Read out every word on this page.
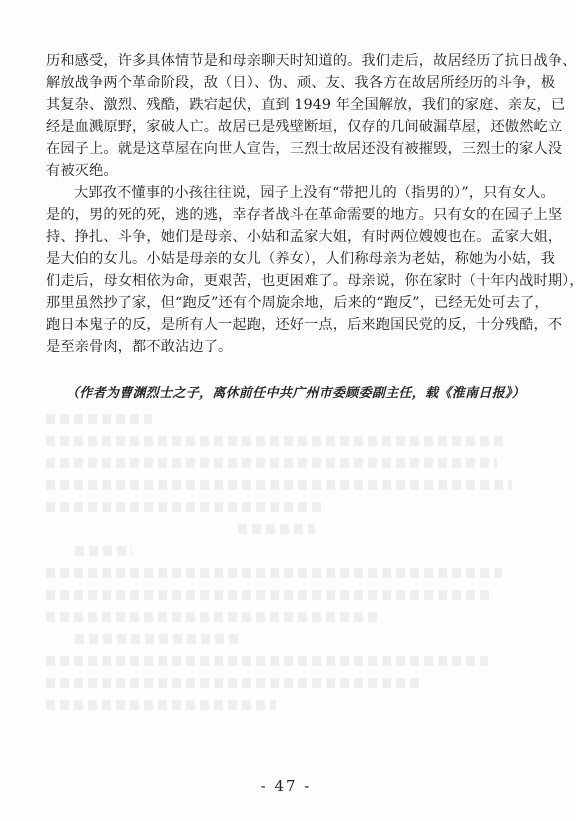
历和感受，许多具体情节是和母亲聊天时知道的。我们走后，故居经历了抗日战争、
解放战争两个革命阶段，敌（日）、伪、顽、友、我各方在故居所经历的斗争，极
其复杂、激烈、残酷，跌宕起伏，直到 1949 年全国解放，我们的家庭、亲友，已
经是血溅原野，家破人亡。故居已是残壁断垣，仅存的几间破漏草屋，还傲然屹立
在园子上。就是这草屋在向世人宣告，三烈士故居还没有被摧毁，三烈士的家人没
有被灭绝。
大郢孜不懂事的小孩往往说，园子上没有“带把儿的（指男的）”，只有女人。
是的，男的死的死，逃的逃，幸存者战斗在革命需要的地方。只有女的在园子上坚
持、挣扎、斗争，她们是母亲、小姑和孟家大姐，有时两位嫂嫂也在。孟家大姐，
是大伯的女儿。小姑是母亲的女儿（养女），人们称母亲为老姑，称她为小姑，我
们走后，母女相依为命，更艰苦，也更困难了。母亲说，你在家时（十年内战时期），
那里虽然抄了家，但“跑反”还有个周旋余地，后来的“跑反”，已经无处可去了，
跑日本鬼子的反，是所有人一起跑，还好一点，后来跑国民党的反，十分残酷，不
是至亲骨肉，都不敢沾边了。
（作者为曹渊烈士之子，离休前任中共广州市委顾委副主任，载《淮南日报》）
- 47 -
